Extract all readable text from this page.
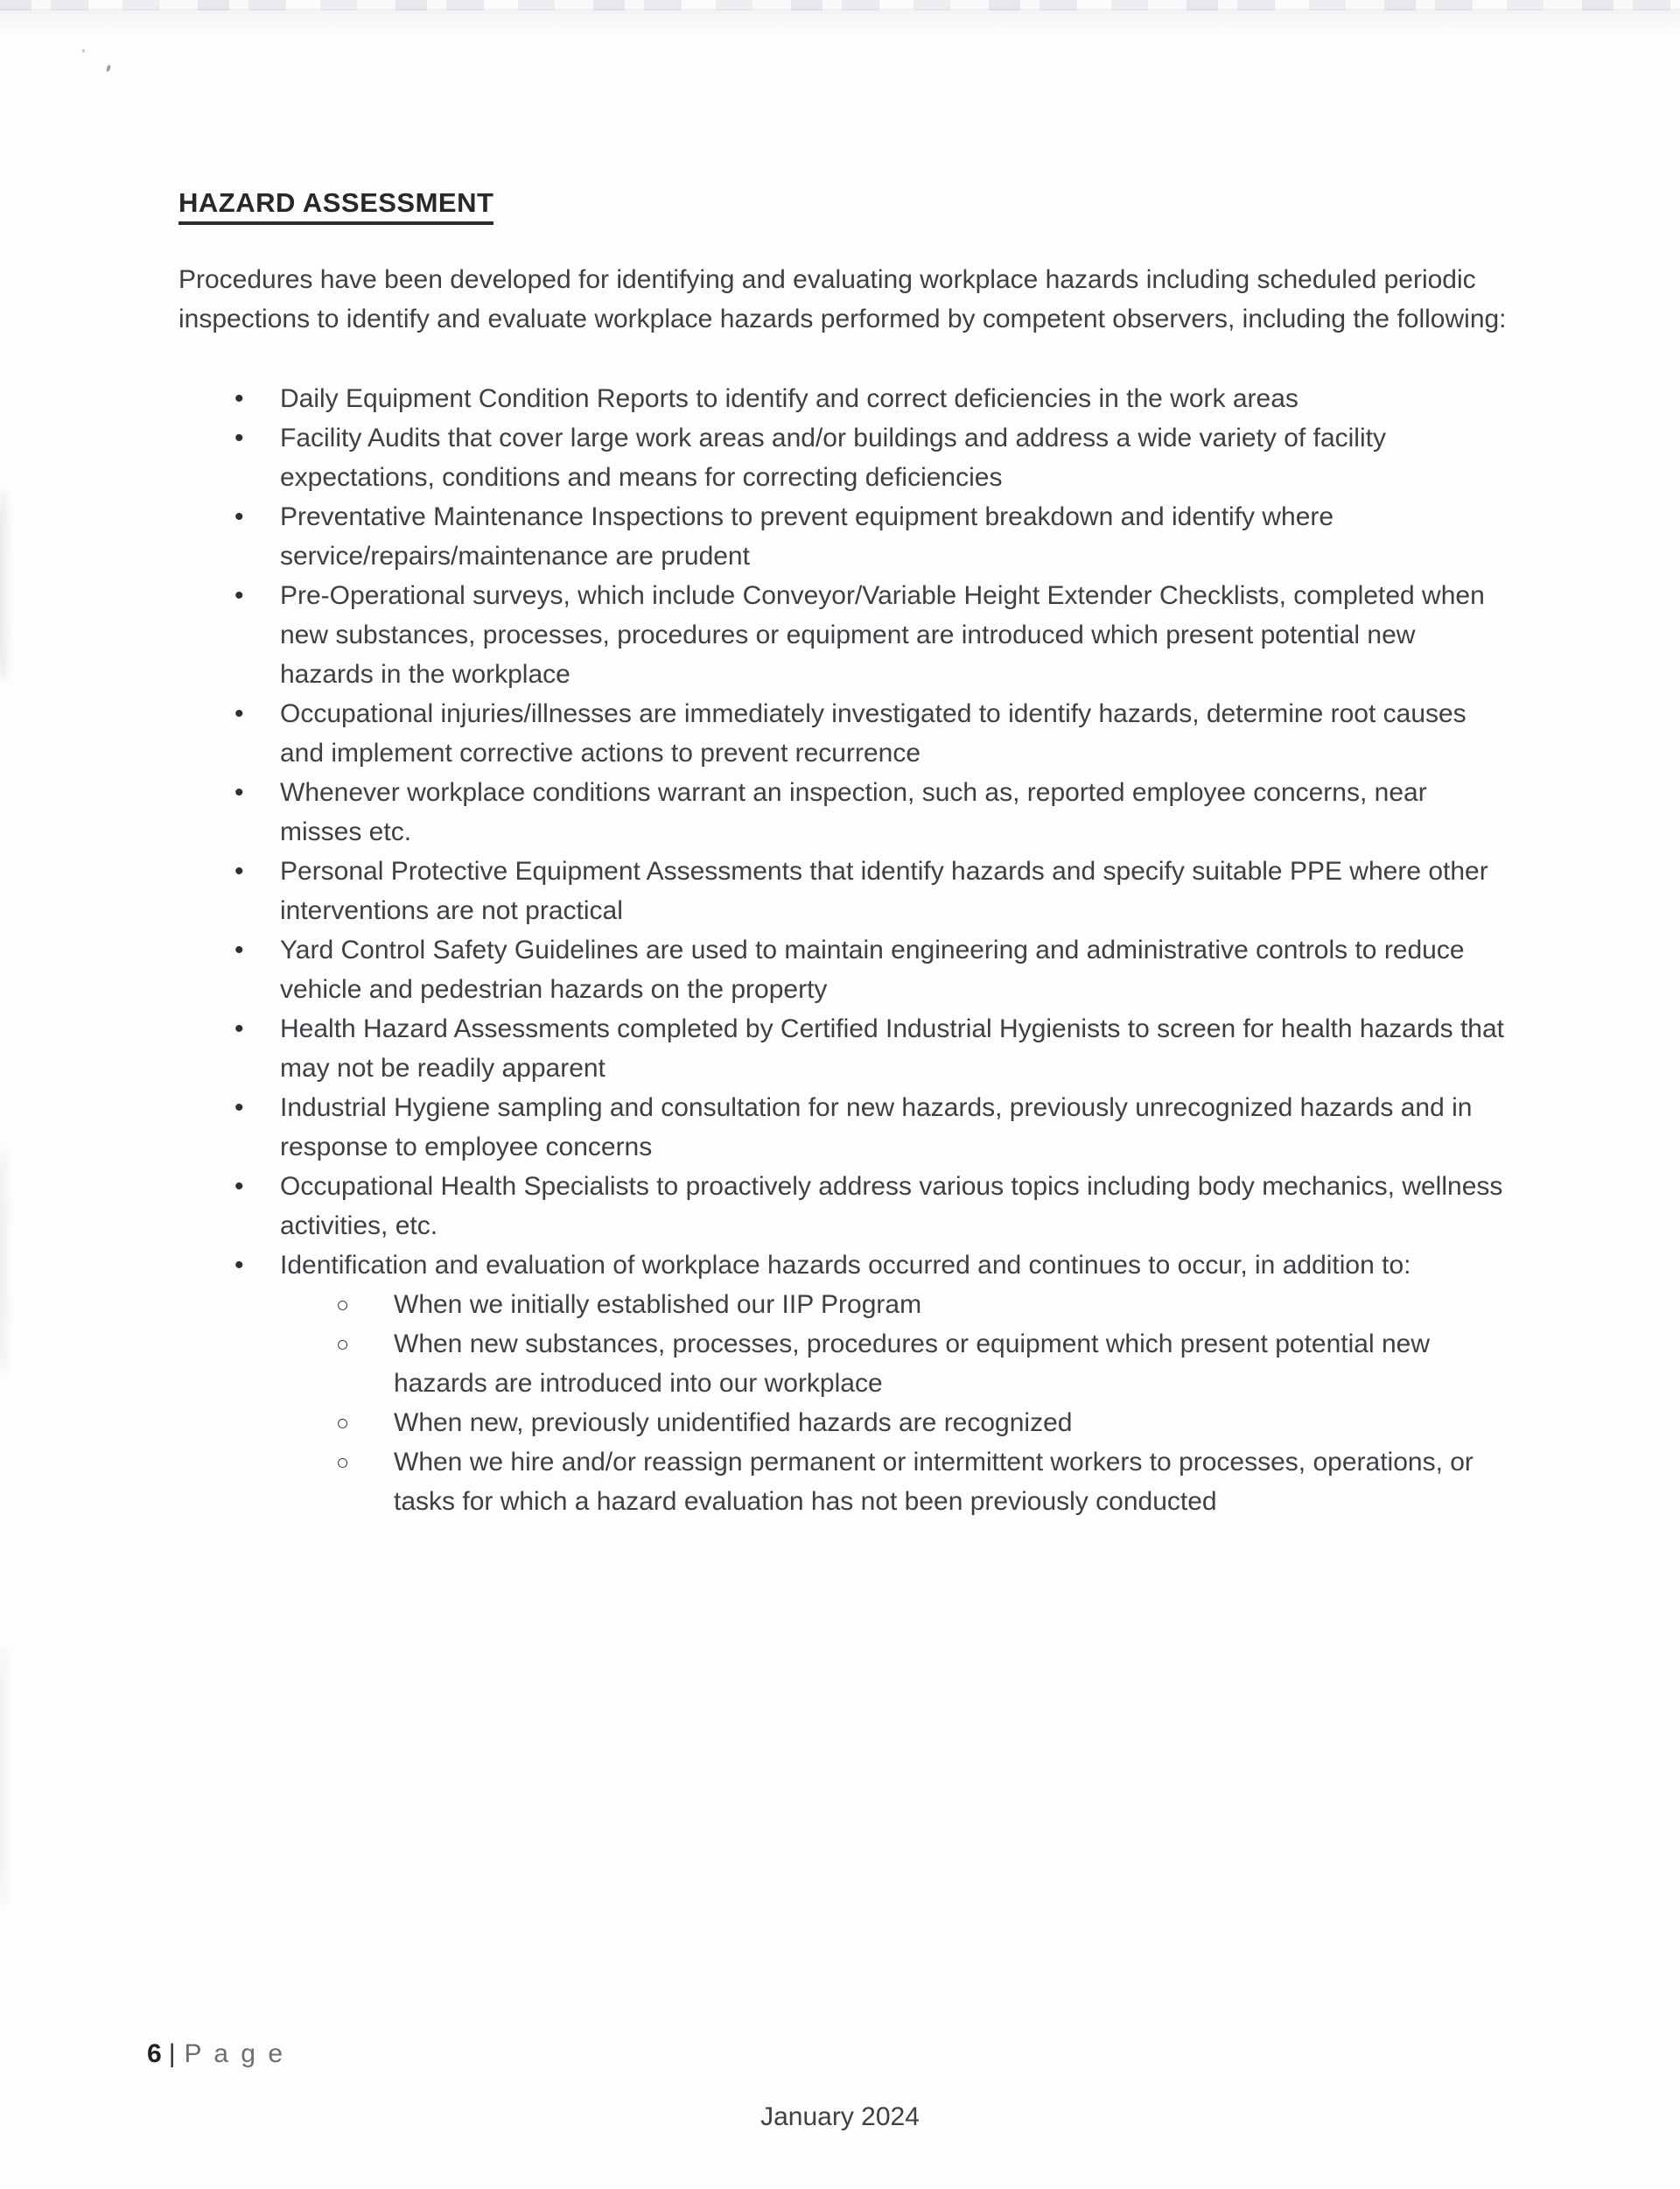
HAZARD ASSESSMENT

Procedures have been developed for identifying and evaluating workplace hazards including scheduled periodic inspections to identify and evaluate workplace hazards performed by competent observers, including the following:

• Daily Equipment Condition Reports to identify and correct deficiencies in the work areas
• Facility Audits that cover large work areas and/or buildings and address a wide variety of facility expectations, conditions and means for correcting deficiencies
• Preventative Maintenance Inspections to prevent equipment breakdown and identify where service/repairs/maintenance are prudent
• Pre-Operational surveys, which include Conveyor/Variable Height Extender Checklists, completed when new substances, processes, procedures or equipment are introduced which present potential new hazards in the workplace
• Occupational injuries/illnesses are immediately investigated to identify hazards, determine root causes and implement corrective actions to prevent recurrence
• Whenever workplace conditions warrant an inspection, such as, reported employee concerns, near misses etc.
• Personal Protective Equipment Assessments that identify hazards and specify suitable PPE where other interventions are not practical
• Yard Control Safety Guidelines are used to maintain engineering and administrative controls to reduce vehicle and pedestrian hazards on the property
• Health Hazard Assessments completed by Certified Industrial Hygienists to screen for health hazards that may not be readily apparent
• Industrial Hygiene sampling and consultation for new hazards, previously unrecognized hazards and in response to employee concerns
• Occupational Health Specialists to proactively address various topics including body mechanics, wellness activities, etc.
• Identification and evaluation of workplace hazards occurred and continues to occur, in addition to:
○ When we initially established our IIP Program
○ When new substances, processes, procedures or equipment which present potential new hazards are introduced into our workplace
○ When new, previously unidentified hazards are recognized
○ When we hire and/or reassign permanent or intermittent workers to processes, operations, or tasks for which a hazard evaluation has not been previously conducted
6 | P a g e
January 2024
